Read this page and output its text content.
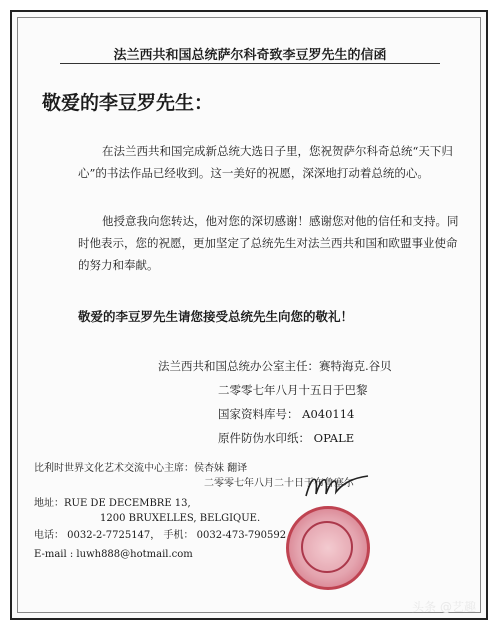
法兰西共和国总统萨尔科奇致李豆罗先生的信函
敬爱的李豆罗先生：
在法兰西共和国完成新总统大选日子里，您祝贺萨尔科奇总统“天下归心”的书法作品已经收到。这一美好的祝愿，深深地打动着总统的心。
他授意我向您转达，他对您的深切感谢！感谢您对他的信任和支持。同时他表示，您的祝愿，更加坚定了总统先生对法兰西共和国和欧盟事业使命的努力和奉献。
敬爱的李豆罗先生请您接受总统先生向您的敬礼！
法兰西共和国总统办公室主任：赛特海克.谷贝
二零零七年八月十五日于巴黎
国家资料库号： A040114
原件防伪水印纸： OPALE
比利时世界文化艺术交流中心主席：侯杏妹 翻译
二零零七年八月二十日于布鲁塞尔
地址：RUE DE DECEMBRE 13,
1200 BRUXELLES, BELGIQUE.
电话： 0032-2-7725147， 手机： 0032-473-790592
E-mail : luwh888@hotmail.com
头条 @艺趣
